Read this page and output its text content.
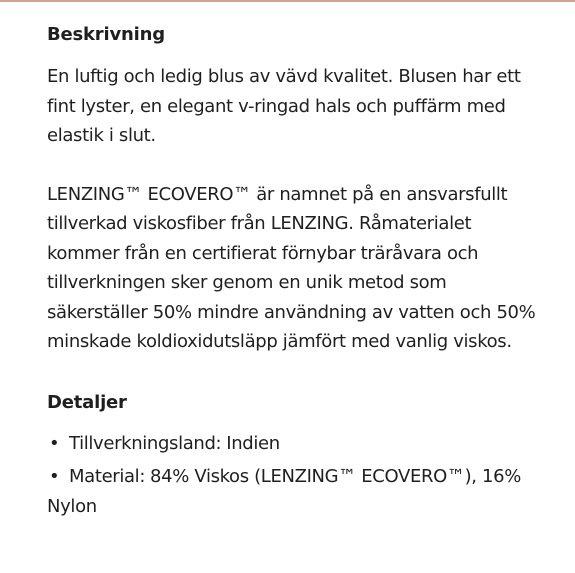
Beskrivning

En luftig och ledig blus av vävd kvalitet. Blusen har ett fint lyster, en elegant v-ringad hals och puffärm med elastik i slut.

LENZING™ ECOVERO™ är namnet på en ansvarsfullt tillverkad viskosfiber från LENZING. Råmaterialet kommer från en certifierat förnybar träråvara och tillverkningen sker genom en unik metod som säkerställer 50% mindre användning av vatten och 50% minskade koldioxidutsläpp jämfört med vanlig viskos.

Detaljer
• Tillverkningsland: Indien
• Material: 84% Viskos (LENZING™ ECOVERO™), 16% Nylon
